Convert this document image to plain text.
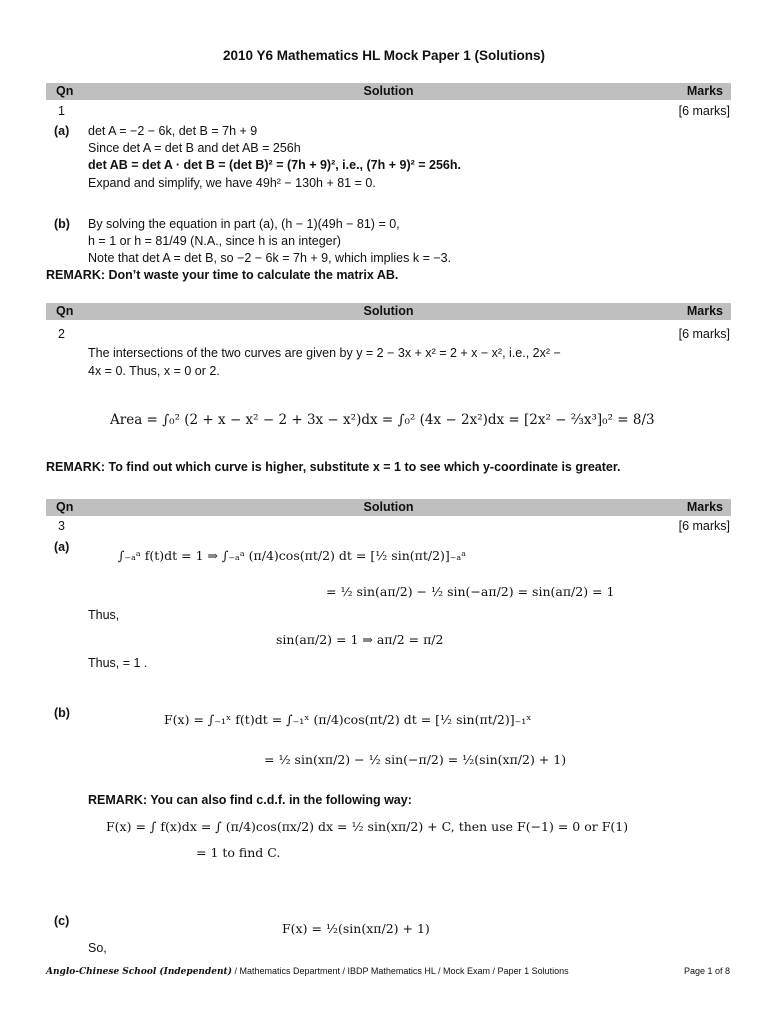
2010 Y6 Mathematics HL Mock Paper 1 (Solutions)
Qn	Solution	Marks
1	[6 marks]
(a) det A = −2 − 6k, det B = 7h + 9
Since det A = det B and det AB = 256h
det AB = det A · det B = (det B)² = (7h + 9)², i.e., (7h + 9)² = 256h.
Expand and simplify, we have 49h² − 130h + 81 = 0.
(b) By solving the equation in part (a), (h − 1)(49h − 81) = 0,
h = 1 or h = 81/49 (N.A., since h is an integer)
Note that det A = det B, so −2 − 6k = 7h + 9, which implies k = −3.
REMARK: Don’t waste your time to calculate the matrix AB.
Qn	Solution	Marks
2	[6 marks]
The intersections of the two curves are given by y = 2 − 3x + x² = 2 + x − x², i.e., 2x² −
4x = 0. Thus, x = 0 or 2.
Area = ∫₀² (2 + x − x² − 2 + 3x − x²)dx = ∫₀² (4x − 2x²)dx = [2x² − ⅔x³]₀² = 8/3
REMARK: To find out which curve is higher, substitute x = 1 to see which y-coordinate is greater.
Qn	Solution	Marks
3	[6 marks]
(a)
∫₋ₐᵃ f(t)dt = 1 ⇒ ∫₋ₐᵃ (π/4)cos(πt/2) dt = [½ sin(πt/2)]₋ₐᵃ
= ½ sin(aπ/2) − ½ sin(−aπ/2) = sin(aπ/2) = 1
Thus,
sin(aπ/2) = 1 ⇒ aπ/2 = π/2
Thus, = 1 .
(b)	F(x) = ∫₋₁ˣ f(t)dt = ∫₋₁ˣ (π/4)cos(πt/2) dt = [½ sin(πt/2)]₋₁ˣ
= ½ sin(xπ/2) − ½ sin(−π/2) = ½(sin(xπ/2) + 1)
REMARK: You can also find c.d.f. in the following way:
F(x) = ∫ f(x)dx = ∫ (π/4)cos(πx/2) dx = ½ sin(xπ/2) + C, then use F(−1) = 0 or F(1)
= 1 to find C.
(c)	F(x) = ½(sin(xπ/2) + 1)
So,
Anglo-Chinese School (Independent) / Mathematics Department / IBDP Mathematics HL / Mock Exam / Paper 1 Solutions	Page 1 of 8
